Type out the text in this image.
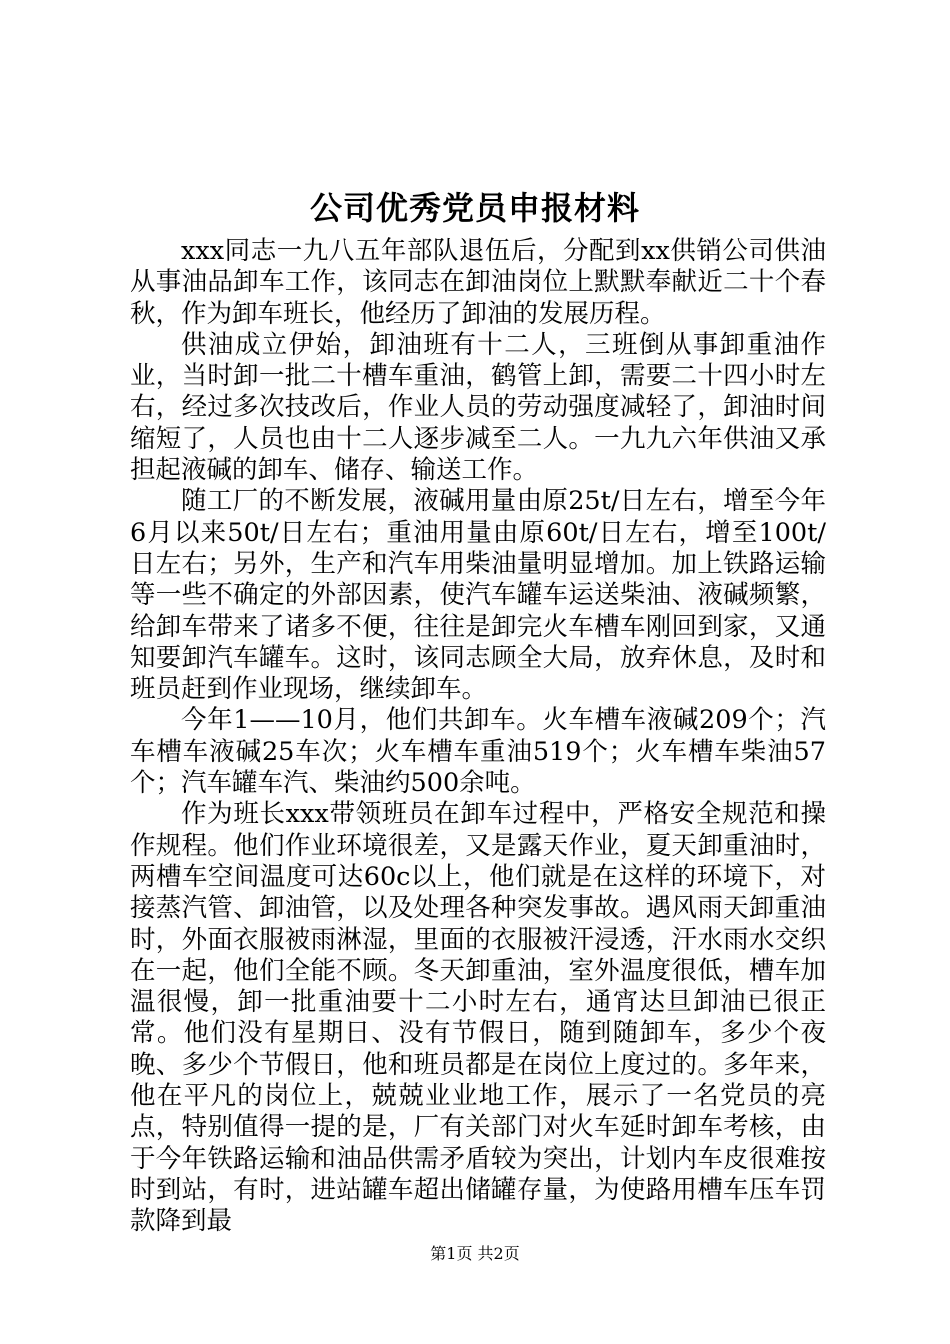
公司优秀党员申报材料

xxx同志一九八五年部队退伍后，分配到xx供销公司供油从事油品卸车工作，该同志在卸油岗位上默默奉献近二十个春秋，作为卸车班长，他经历了卸油的发展历程。

供油成立伊始，卸油班有十二人，三班倒从事卸重油作业，当时卸一批二十槽车重油，鹤管上卸，需要二十四小时左右，经过多次技改后，作业人员的劳动强度减轻了，卸油时间缩短了，人员也由十二人逐步减至二人。一九九六年供油又承担起液碱的卸车、储存、输送工作。

随工厂的不断发展，液碱用量由原25t/日左右，增至今年6月以来50t/日左右；重油用量由原60t/日左右，增至100t/日左右；另外，生产和汽车用柴油量明显增加。加上铁路运输等一些不确定的外部因素，使汽车罐车运送柴油、液碱频繁，给卸车带来了诸多不便，往往是卸完火车槽车刚回到家，又通知要卸汽车罐车。这时，该同志顾全大局，放弃休息，及时和班员赶到作业现场，继续卸车。

今年1——10月，他们共卸车。火车槽车液碱209个；汽车槽车液碱25车次；火车槽车重油519个；火车槽车柴油57个；汽车罐车汽、柴油约500余吨。

作为班长xxx带领班员在卸车过程中，严格安全规范和操作规程。他们作业环境很差，又是露天作业，夏天卸重油时，两槽车空间温度可达60c以上，他们就是在这样的环境下，对接蒸汽管、卸油管，以及处理各种突发事故。遇风雨天卸重油时，外面衣服被雨淋湿，里面的衣服被汗浸透，汗水雨水交织在一起，他们全能不顾。冬天卸重油，室外温度很低，槽车加温很慢，卸一批重油要十二小时左右，通宵达旦卸油已很正常。他们没有星期日、没有节假日，随到随卸车，多少个夜晚、多少个节假日，他和班员都是在岗位上度过的。多年来，他在平凡的岗位上，兢兢业业地工作，展示了一名党员的亮点，特别值得一提的是，厂有关部门对火车延时卸车考核，由于今年铁路运输和油品供需矛盾较为突出，计划内车皮很难按时到站，有时，进站罐车超出储罐存量，为使路用槽车压车罚款降到最

第1页 共2页
